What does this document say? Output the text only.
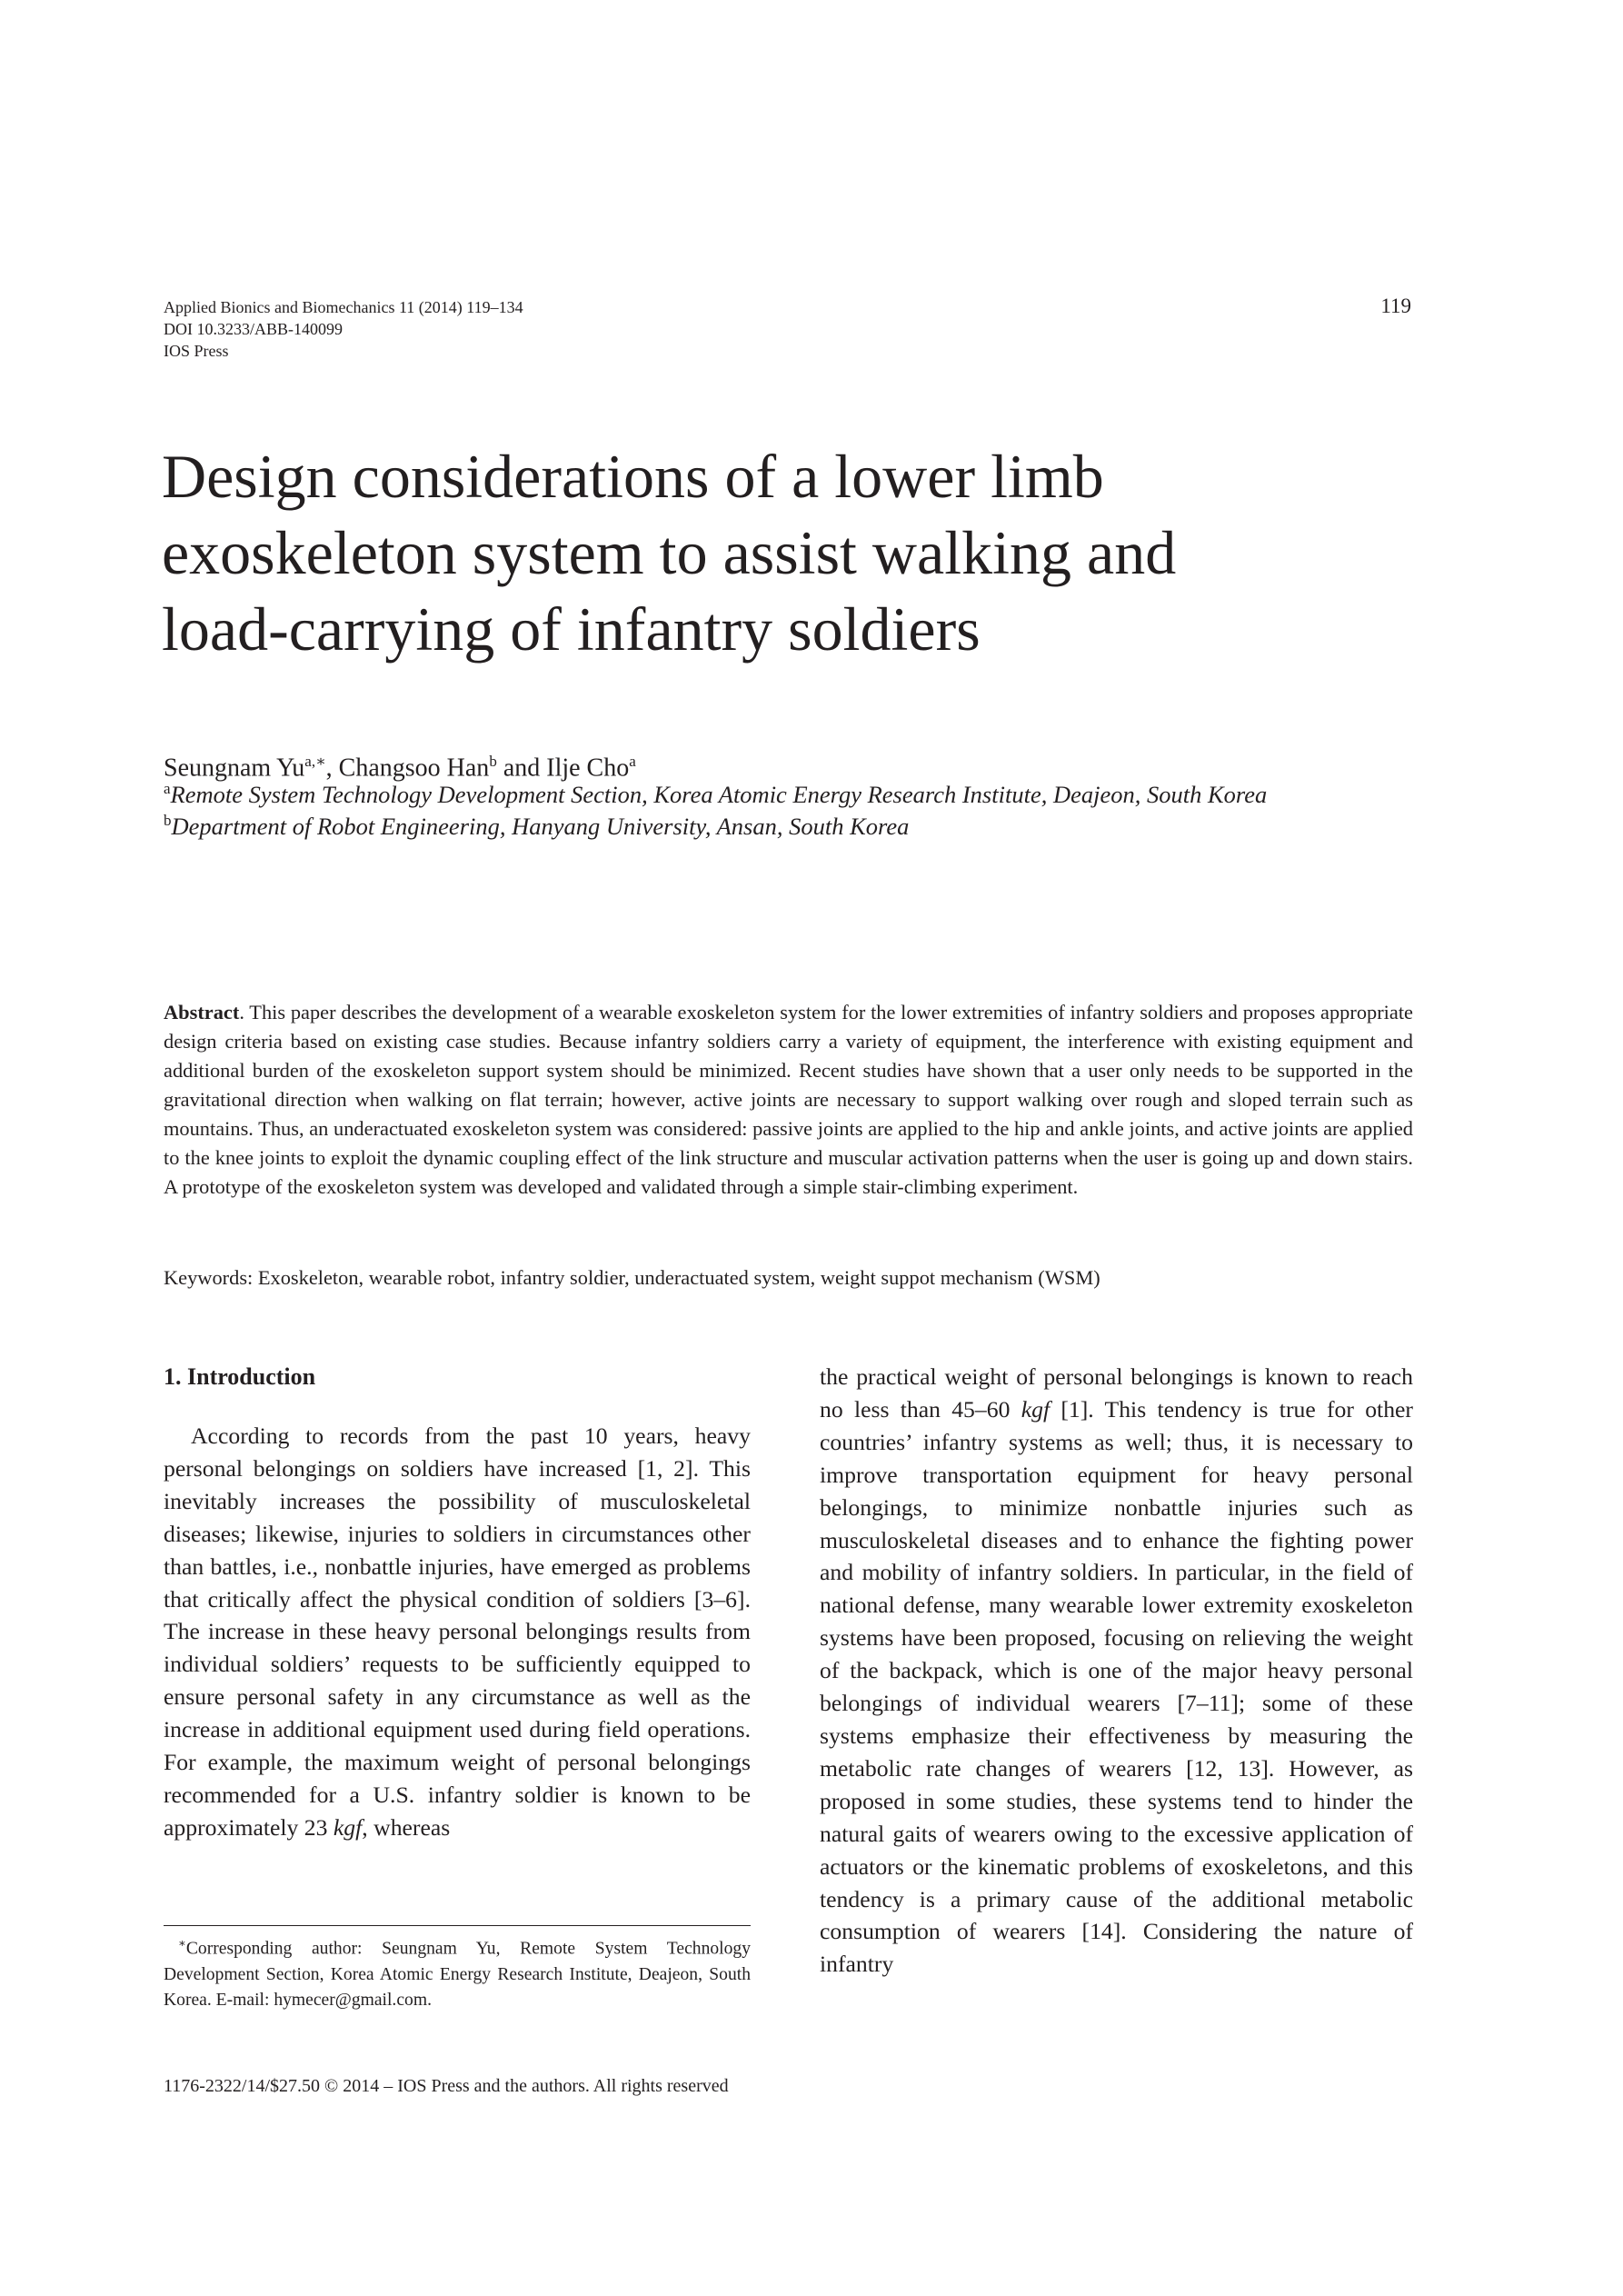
Applied Bionics and Biomechanics 11 (2014) 119–134
DOI 10.3233/ABB-140099
IOS Press
119
Design considerations of a lower limb
exoskeleton system to assist walking and
load-carrying of infantry soldiers
Seungnam $Yu^{a,∗}$, Changsoo Han$^b$ and Ilje Cho$^a$
$^a$Remote System Technology Development Section, Korea Atomic Energy Research Institute, Deajeon, South Korea
$^b$Department of Robot Engineering, Hanyang University, Ansan, South Korea
Abstract. This paper describes the development of a wearable exoskeleton system for the lower extremities of infantry soldiers and proposes appropriate design criteria based on existing case studies. Because infantry soldiers carry a variety of equipment, the interference with existing equipment and additional burden of the exoskeleton support system should be minimized. Recent studies have shown that a user only needs to be supported in the gravitational direction when walking on flat terrain; however, active joints are necessary to support walking over rough and sloped terrain such as mountains. Thus, an underactuated exoskeleton system was considered: passive joints are applied to the hip and ankle joints, and active joints are applied to the knee joints to exploit the dynamic coupling effect of the link structure and muscular activation patterns when the user is going up and down stairs. A prototype of the exoskeleton system was developed and validated through a simple stair-climbing experiment.
Keywords: Exoskeleton, wearable robot, infantry soldier, underactuated system, weight suppot mechanism (WSM)
1. Introduction
According to records from the past 10 years, heavy personal belongings on soldiers have increased [1, 2]. This inevitably increases the possibility of musculoskeletal diseases; likewise, injuries to soldiers in circumstances other than battles, i.e., nonbattle injuries, have emerged as problems that critically affect the physical condition of soldiers [3–6]. The increase in these heavy personal belongings results from individual soldiers’ requests to be sufficiently equipped to ensure personal safety in any circumstance as well as the increase in additional equipment used during field operations. For example, the maximum weight of personal belongings recommended for a U.S. infantry soldier is known to be approximately 23 kgf, whereas
the practical weight of personal belongings is known to reach no less than 45–60 kgf [1]. This tendency is true for other countries’ infantry systems as well; thus, it is necessary to improve transportation equipment for heavy personal belongings, to minimize nonbattle injuries such as musculoskeletal diseases and to enhance the fighting power and mobility of infantry soldiers. In particular, in the field of national defense, many wearable lower extremity exoskeleton systems have been proposed, focusing on relieving the weight of the backpack, which is one of the major heavy personal belongings of individual wearers [7–11]; some of these systems emphasize their effectiveness by measuring the metabolic rate changes of wearers [12, 13]. However, as proposed in some studies, these systems tend to hinder the natural gaits of wearers owing to the excessive application of actuators or the kinematic problems of exoskeletons, and this tendency is a primary cause of the additional metabolic consumption of wearers [14]. Considering the nature of infantry
∗Corresponding author: Seungnam Yu, Remote System Technology Development Section, Korea Atomic Energy Research Institute, Deajeon, South Korea. E-mail: hymecer@gmail.com.
1176-2322/14/$27.50 © 2014 – IOS Press and the authors. All rights reserved
